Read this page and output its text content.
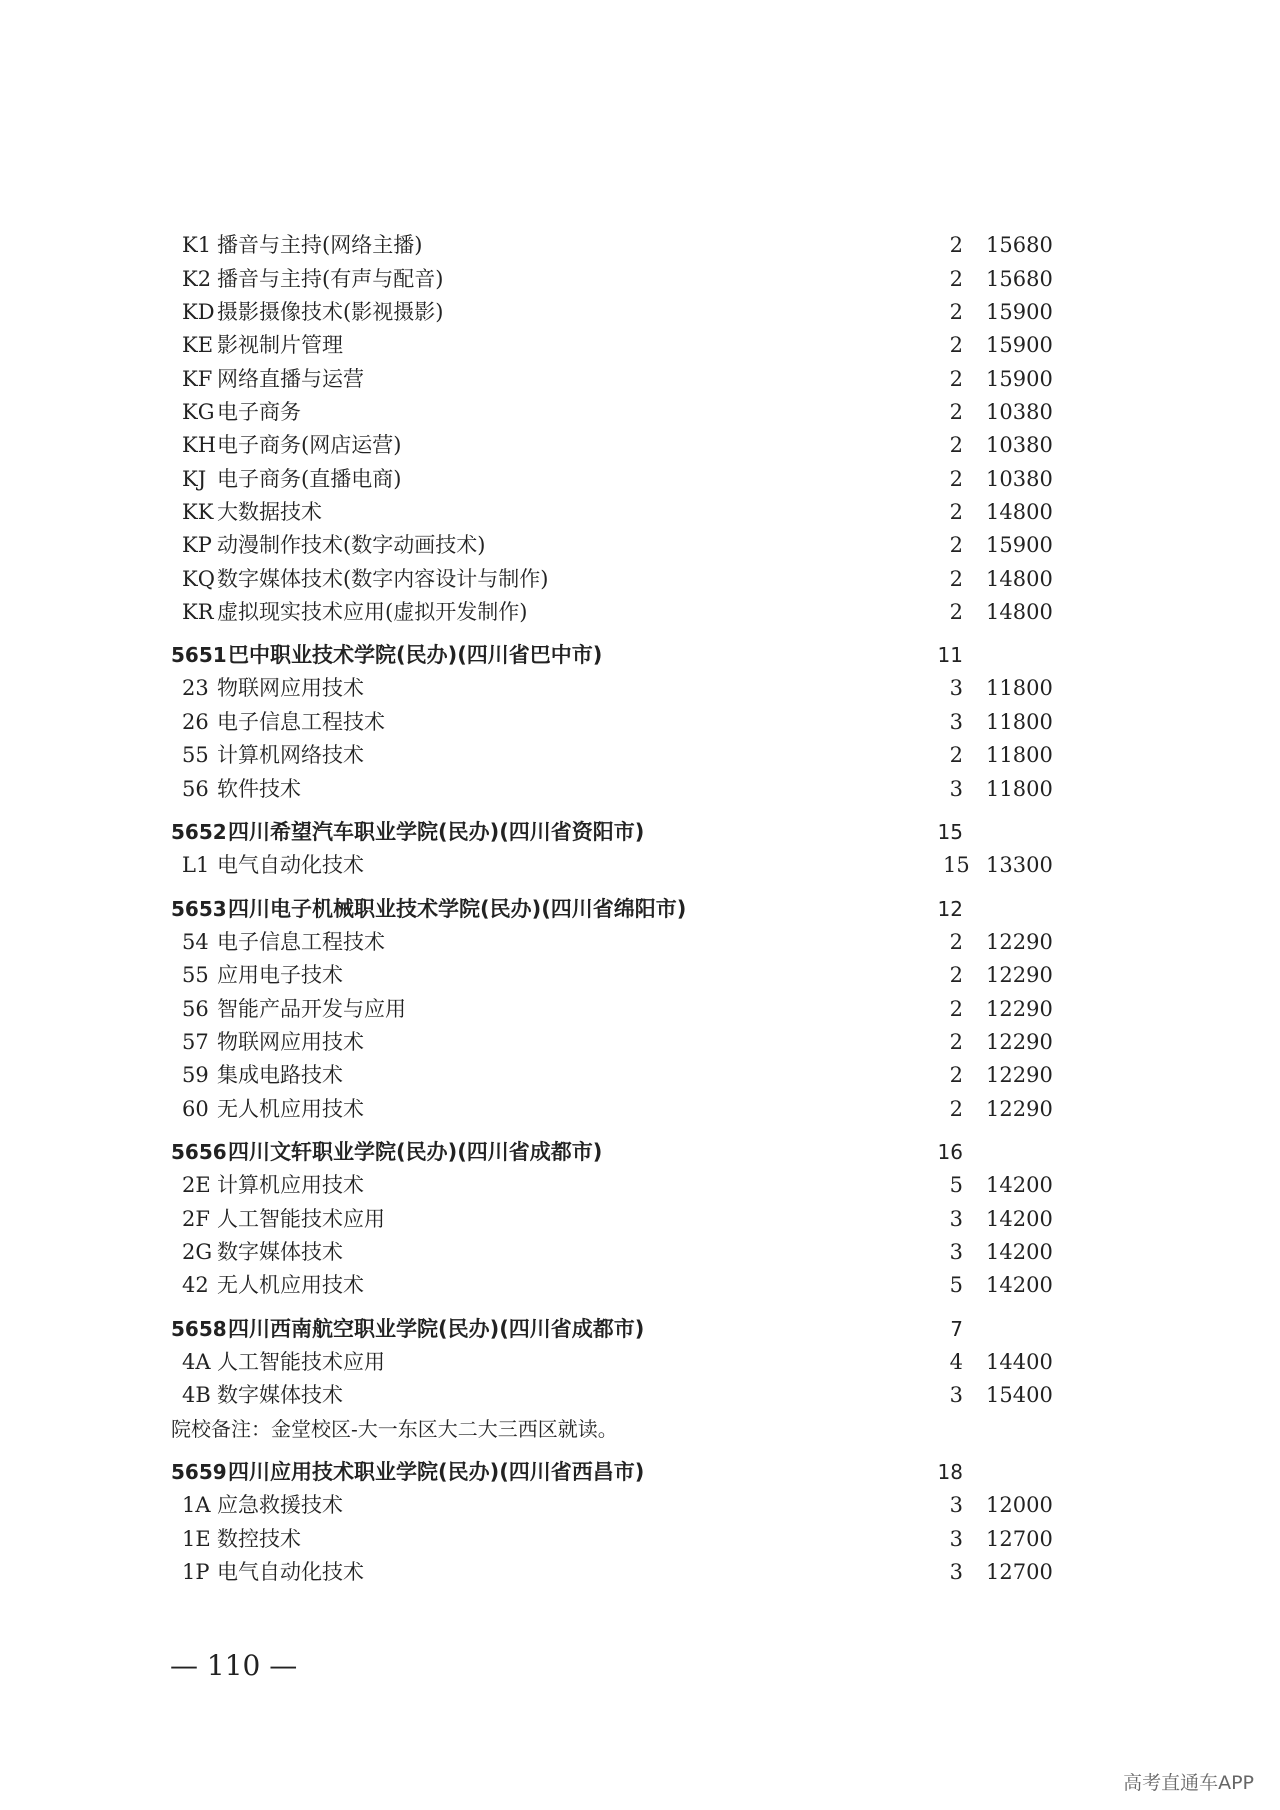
K1 播音与主持(网络主播)	2 15680
K2 播音与主持(有声与配音)	2 15680
KD 摄影摄像技术(影视摄影)	2 15900
KE 影视制片管理	2 15900
KF 网络直播与运营	2 15900
KG 电子商务	2 10380
KH 电子商务(网店运营)	2 10380
KJ 电子商务(直播电商)	2 10380
KK 大数据技术	2 14800
KP 动漫制作技术(数字动画技术)	2 15900
KQ 数字媒体技术(数字内容设计与制作)	2 14800
KR 虚拟现实技术应用(虚拟开发制作)	2 14800
5651 巴中职业技术学院(民办)(四川省巴中市)	11
23 物联网应用技术	3 11800
26 电子信息工程技术	3 11800
55 计算机网络技术	2 11800
56 软件技术	3 11800
5652 四川希望汽车职业学院(民办)(四川省资阳市)	15
L1 电气自动化技术	15 13300
5653 四川电子机械职业技术学院(民办)(四川省绵阳市)	12
54 电子信息工程技术	2 12290
55 应用电子技术	2 12290
56 智能产品开发与应用	2 12290
57 物联网应用技术	2 12290
59 集成电路技术	2 12290
60 无人机应用技术	2 12290
5656 四川文轩职业学院(民办)(四川省成都市)	16
2E 计算机应用技术	5 14200
2F 人工智能技术应用	3 14200
2G 数字媒体技术	3 14200
42 无人机应用技术	5 14200
5658 四川西南航空职业学院(民办)(四川省成都市)	7
4A 人工智能技术应用	4 14400
4B 数字媒体技术	3 15400
院校备注：金堂校区-大一东区大二大三西区就读。
5659 四川应用技术职业学院(民办)(四川省西昌市)	18
1A 应急救援技术	3 12000
1E 数控技术	3 12700
1P 电气自动化技术	3 12700
— 110 —
高考直通车APP
